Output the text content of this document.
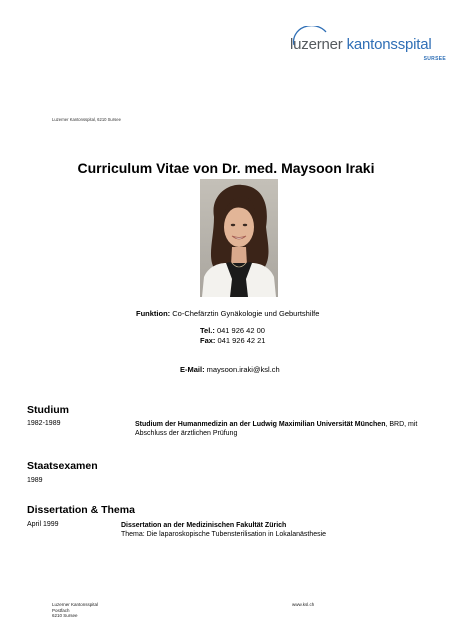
luzerner kantonsspital
SURSEE
Luzerner Kantonsspital, 6210 Sursee
Curriculum Vitae von Dr. med. Maysoon Iraki
Funktion: Co-Chefärztin Gynäkologie und Geburtshilfe
Tel.: 041 926 42 00
Fax: 041 926 42 21
E-Mail: maysoon.iraki@ksl.ch
Studium
1982-1989	Studium der Humanmedizin an der Ludwig Maximilian Universität München, BRD, mit Abschluss der ärztlichen Prüfung
Staatsexamen
1989
Dissertation & Thema
April 1999	Dissertation an der Medizinischen Fakultät Zürich
Thema: Die laparoskopische Tubensterilisation in Lokalanästhesie
Luzerner Kantonsspital
Postfach
6210 Sursee
www.ksl.ch
